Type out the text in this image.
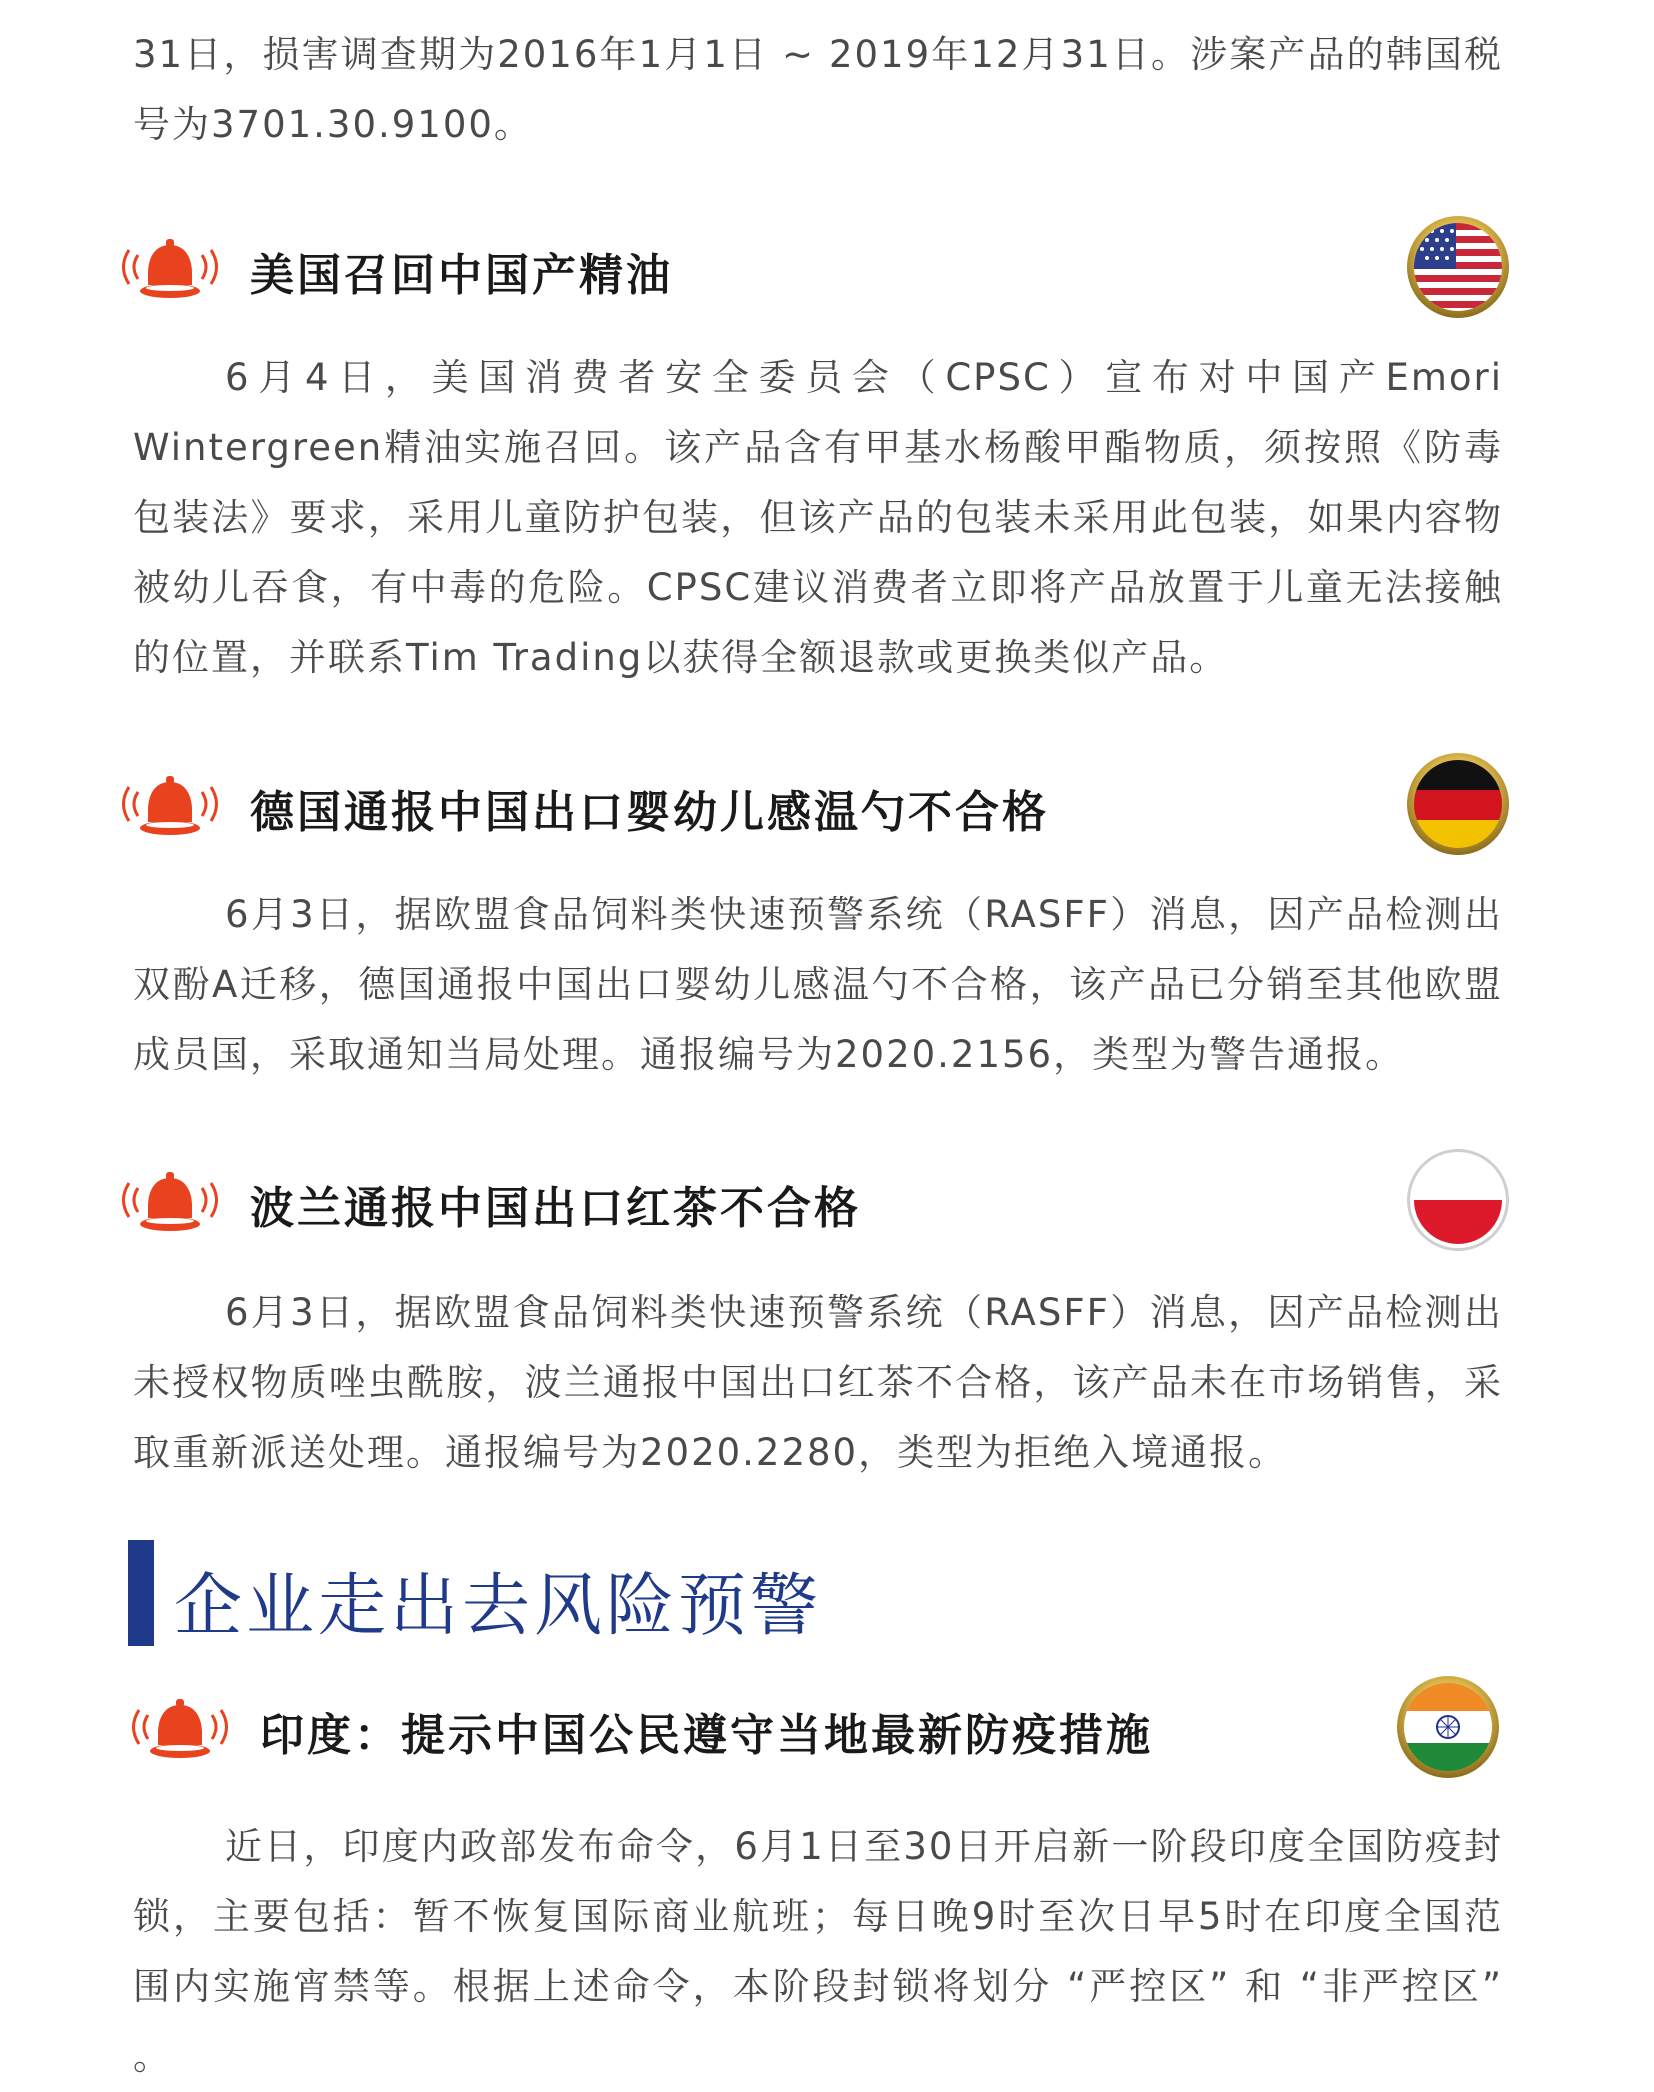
31日，损害调查期为2016年1月1日 ~ 2019年12月31日。涉案产品的韩国税号为3701.30.9100。

美国召回中国产精油

6月4日，美国消费者安全委员会（CPSC）宣布对中国产Emori Wintergreen精油实施召回。该产品含有甲基水杨酸甲酯物质，须按照《防毒包装法》要求，采用儿童防护包装，但该产品的包装未采用此包装，如果内容物被幼儿吞食，有中毒的危险。CPSC建议消费者立即将产品放置于儿童无法接触的位置，并联系Tim Trading以获得全额退款或更换类似产品。

德国通报中国出口婴幼儿感温勺不合格

6月3日，据欧盟食品饲料类快速预警系统（RASFF）消息，因产品检测出双酚A迁移，德国通报中国出口婴幼儿感温勺不合格，该产品已分销至其他欧盟成员国，采取通知当局处理。通报编号为2020.2156，类型为警告通报。

波兰通报中国出口红茶不合格

6月3日，据欧盟食品饲料类快速预警系统（RASFF）消息，因产品检测出未授权物质唑虫酰胺，波兰通报中国出口红茶不合格，该产品未在市场销售，采取重新派送处理。通报编号为2020.2280，类型为拒绝入境通报。

企业走出去风险预警
印度：提示中国公民遵守当地最新防疫措施

近日，印度内政部发布命令，6月1日至30日开启新一阶段印度全国防疫封锁，主要包括：暂不恢复国际商业航班；每日晚9时至次日早5时在印度全国范围内实施宵禁等。根据上述命令，本阶段封锁将划分 “严控区” 和 “非严控区” 。
